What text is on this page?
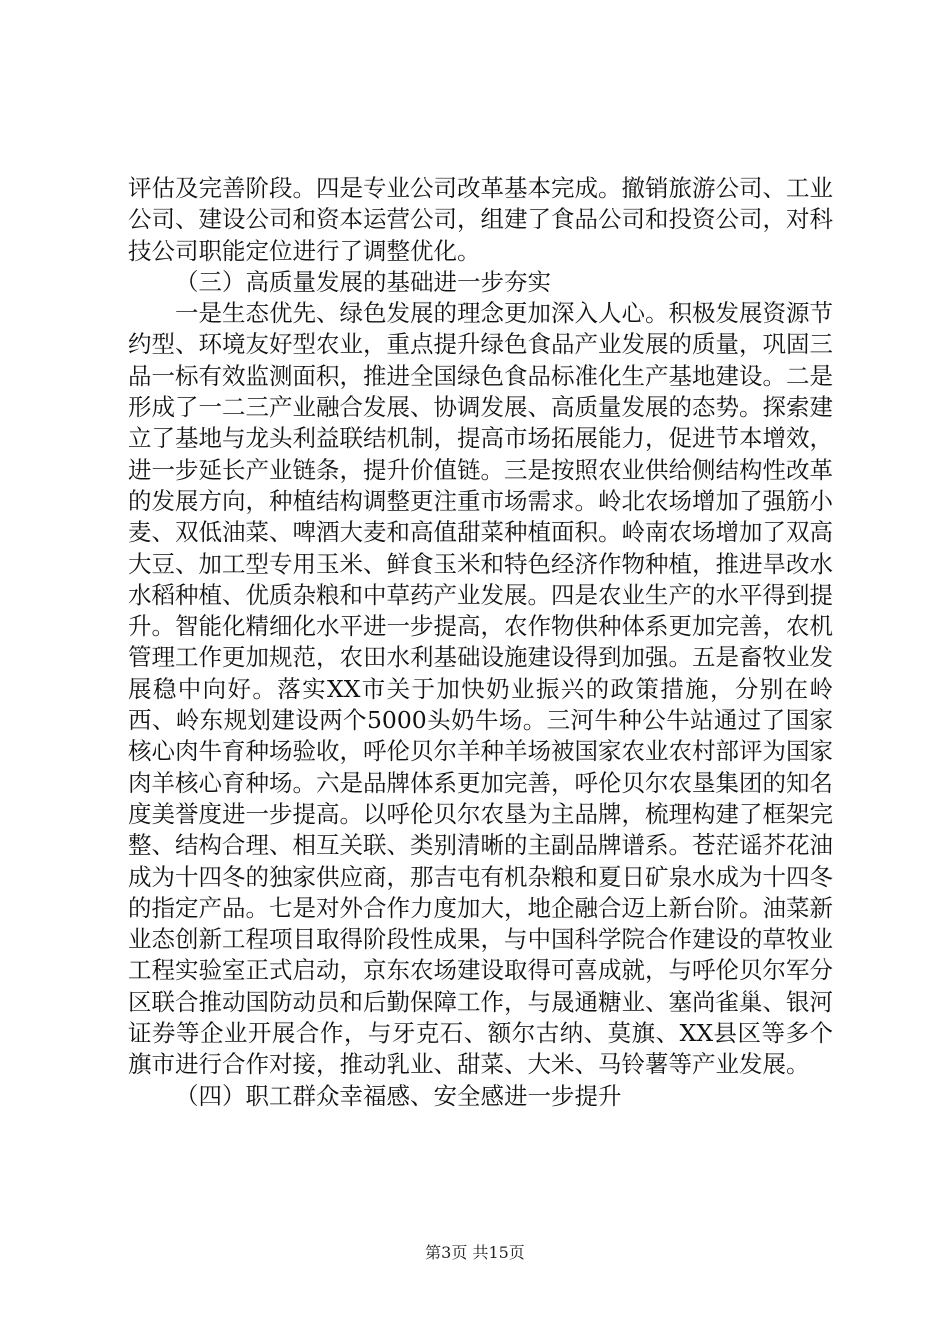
评估及完善阶段。四是专业公司改革基本完成。撤销旅游公司、工业公司、建设公司和资本运营公司，组建了食品公司和投资公司，对科技公司职能定位进行了调整优化。

（三）高质量发展的基础进一步夯实

一是生态优先、绿色发展的理念更加深入人心。积极发展资源节约型、环境友好型农业，重点提升绿色食品产业发展的质量，巩固三品一标有效监测面积，推进全国绿色食品标准化生产基地建设。二是形成了一二三产业融合发展、协调发展、高质量发展的态势。探索建立了基地与龙头利益联结机制，提高市场拓展能力，促进节本增效，进一步延长产业链条，提升价值链。三是按照农业供给侧结构性改革的发展方向，种植结构调整更注重市场需求。岭北农场增加了强筋小麦、双低油菜、啤酒大麦和高值甜菜种植面积。岭南农场增加了双高大豆、加工型专用玉米、鲜食玉米和特色经济作物种植，推进旱改水水稻种植、优质杂粮和中草药产业发展。四是农业生产的水平得到提升。智能化精细化水平进一步提高，农作物供种体系更加完善，农机管理工作更加规范，农田水利基础设施建设得到加强。五是畜牧业发展稳中向好。落实XX市关于加快奶业振兴的政策措施，分别在岭西、岭东规划建设两个5000头奶牛场。三河牛种公牛站通过了国家核心肉牛育种场验收，呼伦贝尔羊种羊场被国家农业农村部评为国家肉羊核心育种场。六是品牌体系更加完善，呼伦贝尔农垦集团的知名度美誉度进一步提高。以呼伦贝尔农垦为主品牌，梳理构建了框架完整、结构合理、相互关联、类别清晰的主副品牌谱系。苍茫谣芥花油成为十四冬的独家供应商，那吉屯有机杂粮和夏日矿泉水成为十四冬的指定产品。七是对外合作力度加大，地企融合迈上新台阶。油菜新业态创新工程项目取得阶段性成果，与中国科学院合作建设的草牧业工程实验室正式启动，京东农场建设取得可喜成就，与呼伦贝尔军分区联合推动国防动员和后勤保障工作，与晟通糖业、塞尚雀巢、银河证券等企业开展合作，与牙克石、额尔古纳、莫旗、XX县区等多个旗市进行合作对接，推动乳业、甜菜、大米、马铃薯等产业发展。

（四）职工群众幸福感、安全感进一步提升

第3页 共15页
